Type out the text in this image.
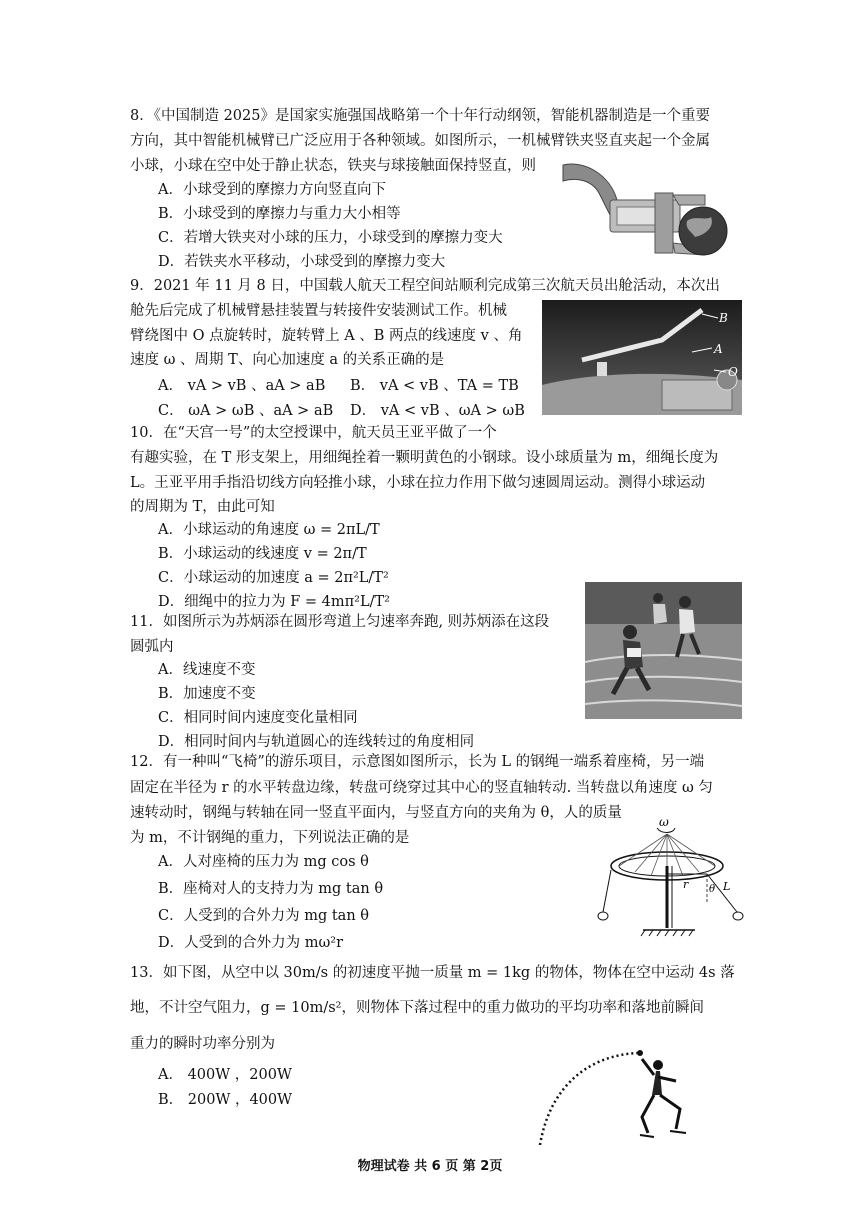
8．《中国制造 2025》是国家实施强国战略第一个十年行动纲领，智能机器制造是一个重要
方向，其中智能机械臂已广泛应用于各种领域。如图所示，一机械臂铁夹竖直夹起一个金属
小球，小球在空中处于静止状态，铁夹与球接触面保持竖直，则
A．小球受到的摩擦力方向竖直向下
B．小球受到的摩擦力与重力大小相等
C．若增大铁夹对小球的压力，小球受到的摩擦力变大
D．若铁夹水平移动，小球受到的摩擦力变大
9．2021 年 11 月 8 日，中国载人航天工程空间站顺利完成第三次航天员出舱活动，本次出
舱先后完成了机械臂悬挂装置与转接件安装测试工作。机械
臂绕图中 O 点旋转时，旋转臂上 A 、B 两点的线速度 v 、角
速度 ω 、周期 T、向心加速度 a 的关系正确的是
A． vA > vB 、aA > aB B． vA < vB 、TA = TB
C． ωA > ωB 、aA > aB D． vA < vB 、ωA > ωB
B
A
O
10．在“天宫一号”的太空授课中，航天员王亚平做了一个
有趣实验，在 T 形支架上，用细绳拴着一颗明黄色的小钢球。设小球质量为 m，细绳长度为
L。王亚平用手指沿切线方向轻推小球，小球在拉力作用下做匀速圆周运动。测得小球运动
的周期为 T，由此可知
A．小球运动的角速度 ω = 2πL/T
B．小球运动的线速度 v = 2π/T
C．小球运动的加速度 a = 2π²L/T²
D．细绳中的拉力为 F = 4mπ²L/T²
11．如图所示为苏炳添在圆形弯道上匀速率奔跑, 则苏炳添在这段
圆弧内
A．线速度不变
B．加速度不变
C．相同时间内速度变化量相同
D．相同时间内与轨道圆心的连线转过的角度相同
12．有一种叫“飞椅”的游乐项目，示意图如图所示，长为 L 的钢绳一端系着座椅，另一端
固定在半径为 r 的水平转盘边缘，转盘可绕穿过其中心的竖直轴转动. 当转盘以角速度 ω 匀
速转动时，钢绳与转轴在同一竖直平面内，与竖直方向的夹角为 θ，人的质量
为 m，不计钢绳的重力，下列说法正确的是
A．人对座椅的压力为 mg cos θ
B．座椅对人的支持力为 mg tan θ
C．人受到的合外力为 mg tan θ
D．人受到的合外力为 mω²r
ω
r θ L
13．如下图，从空中以 30m/s 的初速度平抛一质量 m = 1kg 的物体，物体在空中运动 4s 落
地，不计空气阻力，g = 10m/s²，则物体下落过程中的重力做功的平均功率和落地前瞬间
重力的瞬时功率分别为
A． 400W ，200W
B． 200W ，400W
物理试卷 共 6 页 第 2页
